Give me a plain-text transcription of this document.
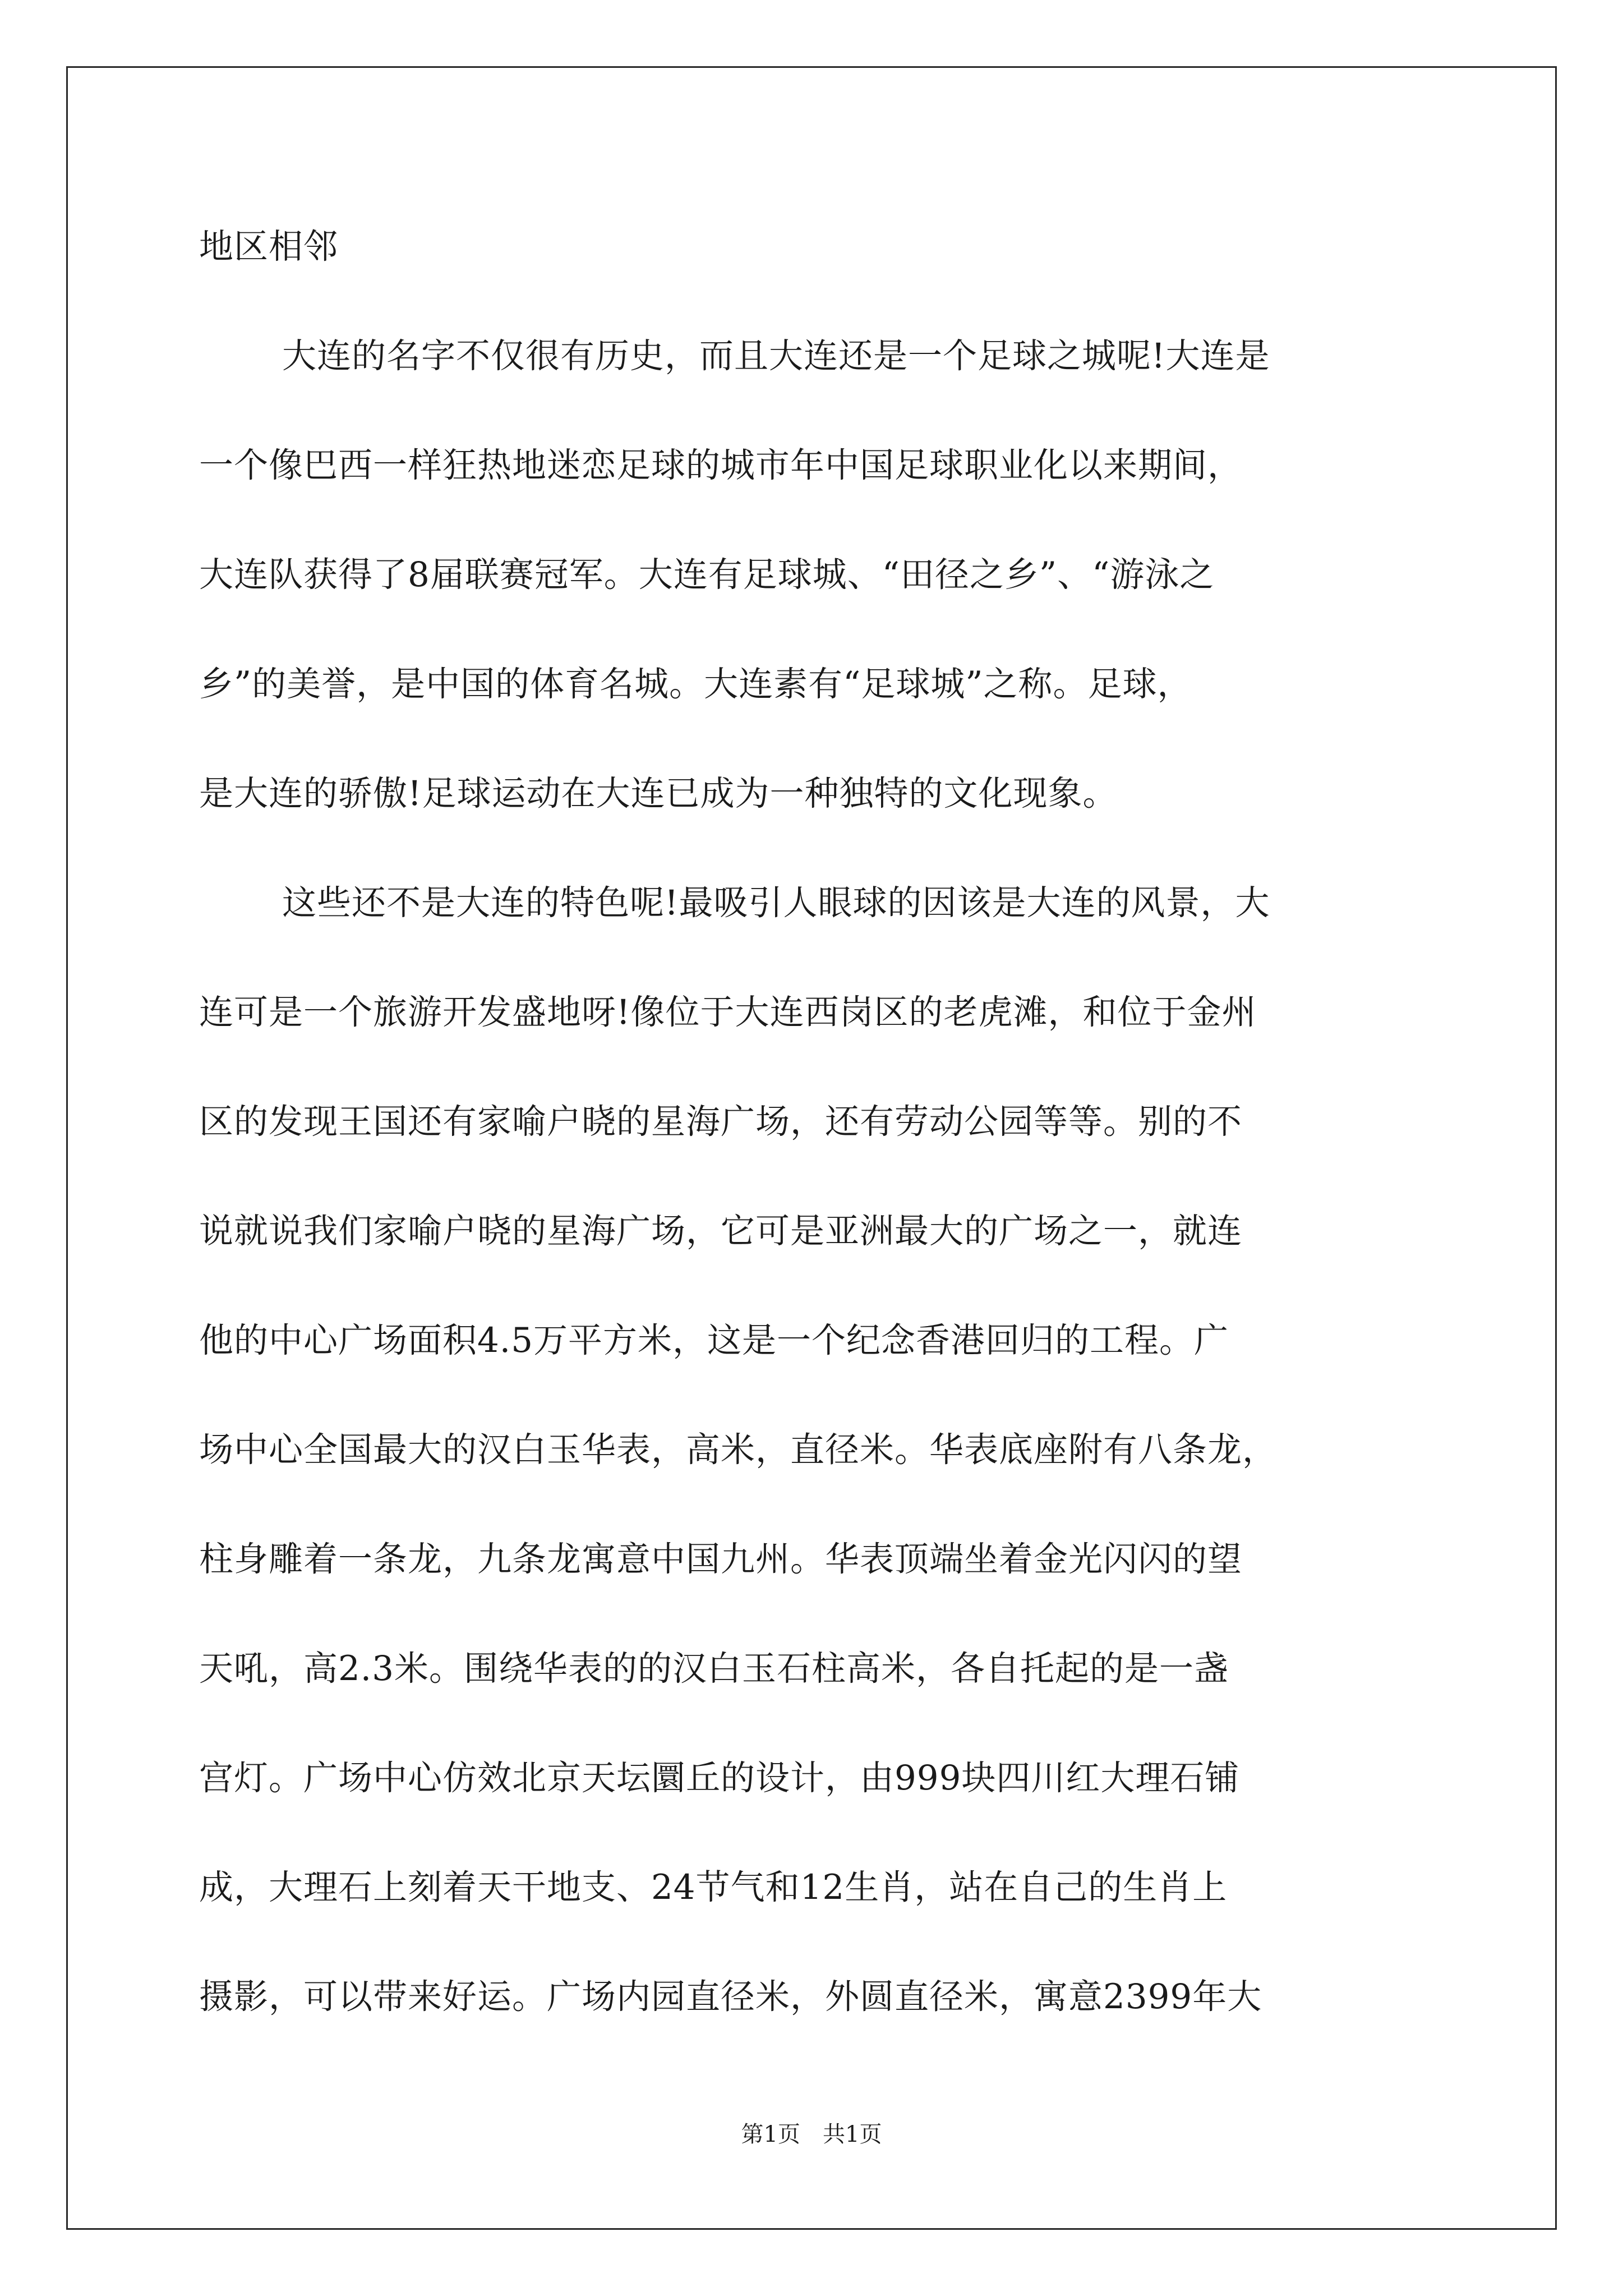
地区相邻
大连的名字不仅很有历史，而且大连还是一个足球之城呢!大连是
一个像巴西一样狂热地迷恋足球的城市年中国足球职业化以来期间，
大连队获得了8届联赛冠军。大连有足球城、“田径之乡”、“游泳之
乡”的美誉，是中国的体育名城。大连素有“足球城”之称。足球，
是大连的骄傲!足球运动在大连已成为一种独特的文化现象。
这些还不是大连的特色呢!最吸引人眼球的因该是大连的风景，大
连可是一个旅游开发盛地呀!像位于大连西岗区的老虎滩，和位于金州
区的发现王国还有家喻户晓的星海广场，还有劳动公园等等。别的不
说就说我们家喻户晓的星海广场，它可是亚洲最大的广场之一，就连
他的中心广场面积4.5万平方米，这是一个纪念香港回归的工程。广
场中心全国最大的汉白玉华表，高米，直径米。华表底座附有八条龙，
柱身雕着一条龙，九条龙寓意中国九州。华表顶端坐着金光闪闪的望
天吼，高2.3米。围绕华表的的汉白玉石柱高米，各自托起的是一盏
宫灯。广场中心仿效北京天坛圜丘的设计，由999块四川红大理石铺
成，大理石上刻着天干地支、24节气和12生肖，站在自己的生肖上
摄影，可以带来好运。广场内园直径米，外圆直径米，寓意2399年大
第1页　共1页
